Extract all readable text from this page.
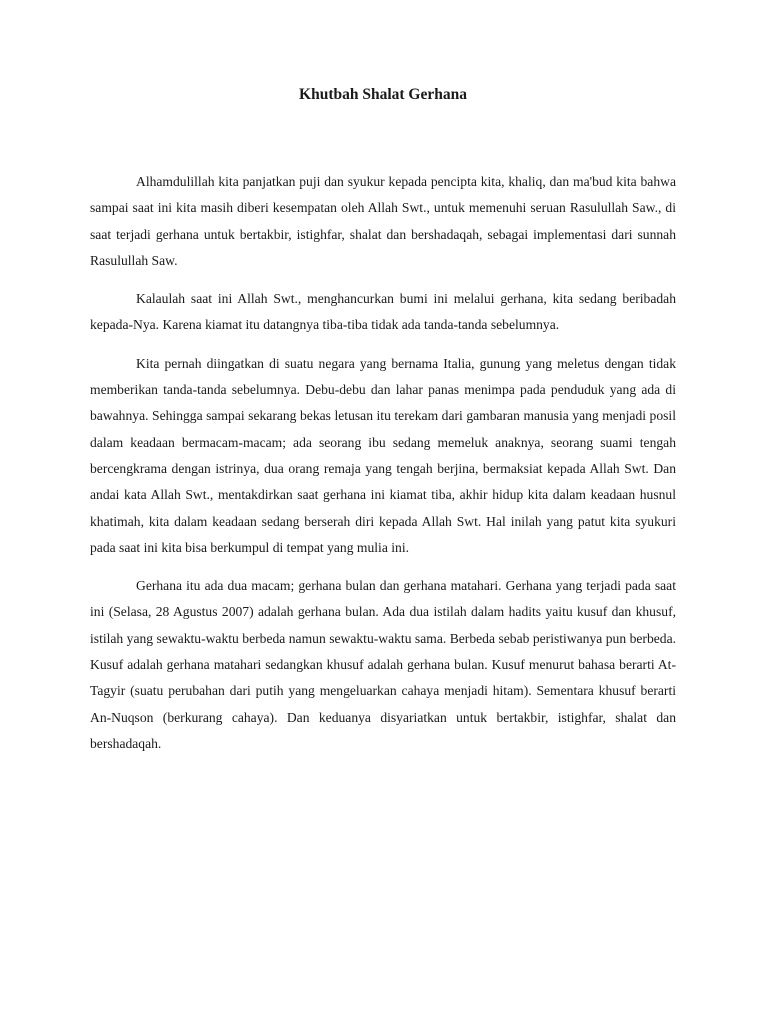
Khutbah Shalat Gerhana

Alhamdulillah kita panjatkan puji dan syukur kepada pencipta kita, khaliq, dan ma'bud kita bahwa sampai saat ini kita masih diberi kesempatan oleh Allah Swt., untuk memenuhi seruan Rasulullah Saw., di saat terjadi gerhana untuk bertakbir, istighfar, shalat dan bershadaqah, sebagai implementasi dari sunnah Rasulullah Saw.

Kalaulah saat ini Allah Swt., menghancurkan bumi ini melalui gerhana, kita sedang beribadah kepada-Nya. Karena kiamat itu datangnya tiba-tiba tidak ada tanda-tanda sebelumnya.

Kita pernah diingatkan di suatu negara yang bernama Italia, gunung yang meletus dengan tidak memberikan tanda-tanda sebelumnya. Debu-debu dan lahar panas menimpa pada penduduk yang ada di bawahnya. Sehingga sampai sekarang bekas letusan itu terekam dari gambaran manusia yang menjadi posil dalam keadaan bermacam-macam; ada seorang ibu sedang memeluk anaknya, seorang suami tengah bercengkrama dengan istrinya, dua orang remaja yang tengah berjina, bermaksiat kepada Allah Swt. Dan andai kata Allah Swt., mentakdirkan saat gerhana ini kiamat tiba, akhir hidup kita dalam keadaan husnul khatimah, kita dalam keadaan sedang berserah diri kepada Allah Swt. Hal inilah yang patut kita syukuri pada saat ini kita bisa berkumpul di tempat yang mulia ini.

Gerhana itu ada dua macam; gerhana bulan dan gerhana matahari. Gerhana yang terjadi pada saat ini (Selasa, 28 Agustus 2007) adalah gerhana bulan. Ada dua istilah dalam hadits yaitu kusuf dan khusuf, istilah yang sewaktu-waktu berbeda namun sewaktu-waktu sama. Berbeda sebab peristiwanya pun berbeda. Kusuf adalah gerhana matahari sedangkan khusuf adalah gerhana bulan. Kusuf menurut bahasa berarti At-Tagyir (suatu perubahan dari putih yang mengeluarkan cahaya menjadi hitam). Sementara khusuf berarti An-Nuqson (berkurang cahaya). Dan keduanya disyariatkan untuk bertakbir, istighfar, shalat dan bershadaqah.
